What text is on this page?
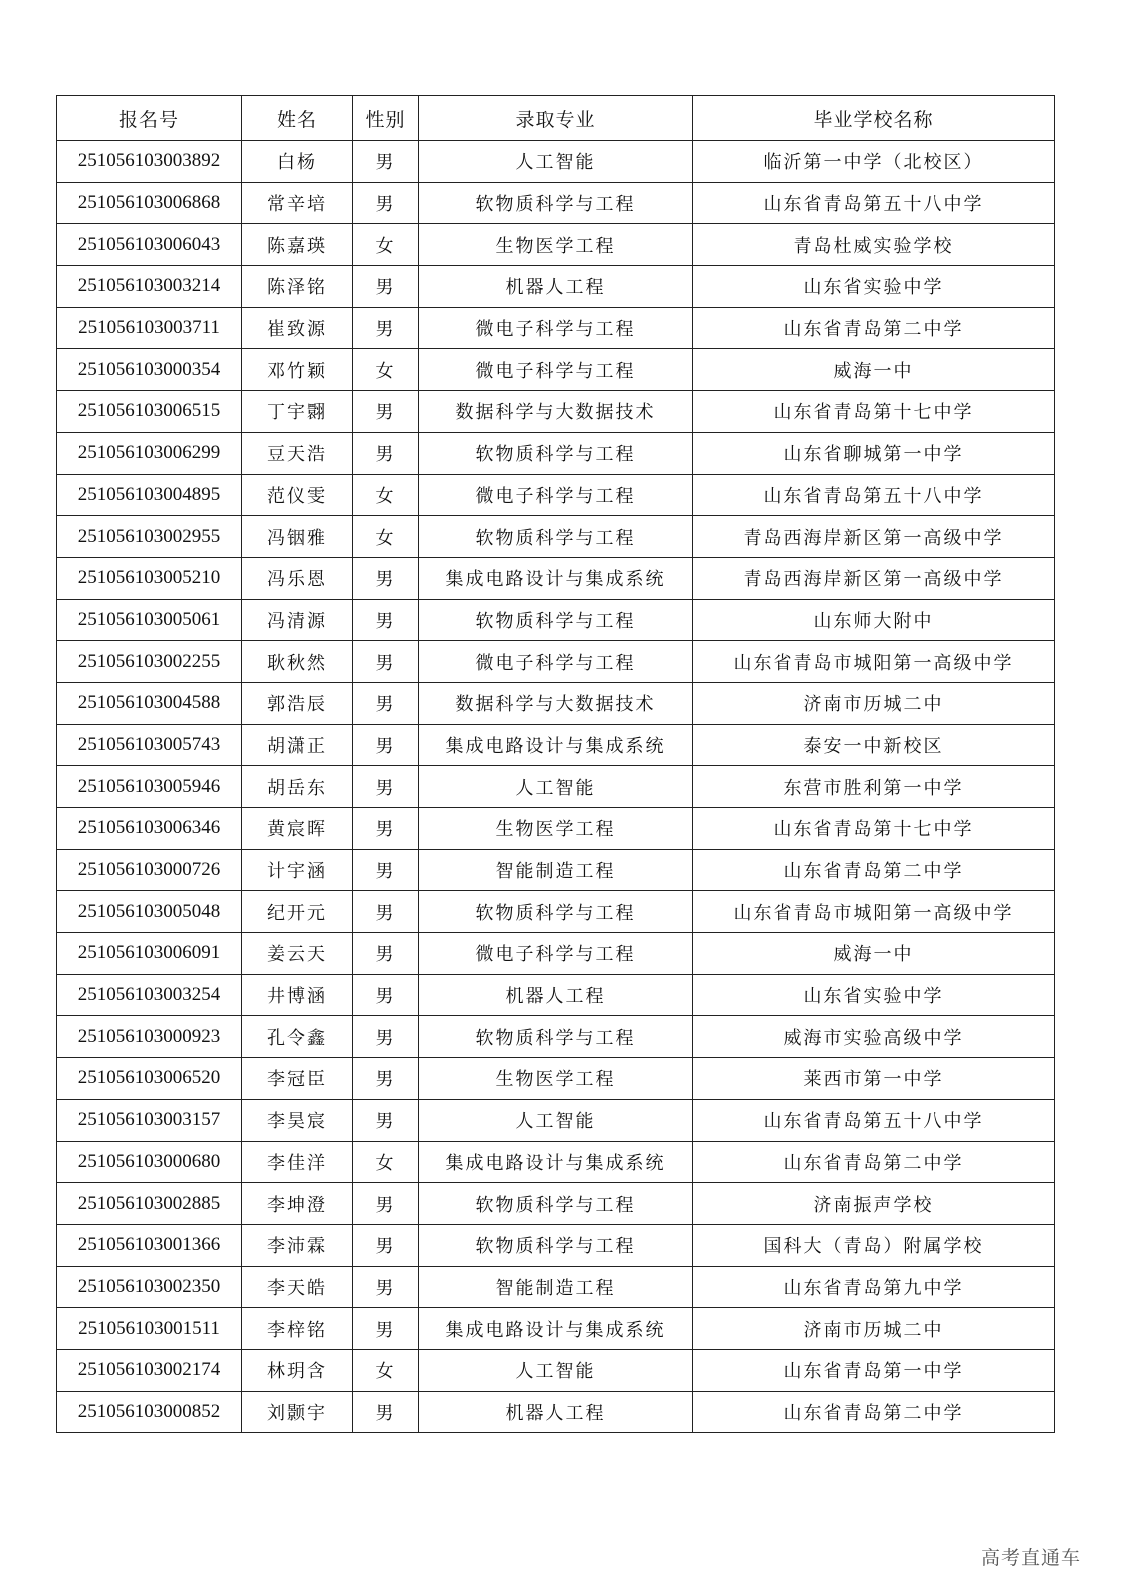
报名号	姓名	性别	录取专业	毕业学校名称
251056103003892	白杨	男	人工智能	临沂第一中学（北校区）
251056103006868	常辛培	男	软物质科学与工程	山东省青岛第五十八中学
251056103006043	陈嘉瑛	女	生物医学工程	青岛杜威实验学校
251056103003214	陈泽铭	男	机器人工程	山东省实验中学
251056103003711	崔致源	男	微电子科学与工程	山东省青岛第二中学
251056103000354	邓竹颖	女	微电子科学与工程	威海一中
251056103006515	丁宇翾	男	数据科学与大数据技术	山东省青岛第十七中学
251056103006299	豆天浩	男	软物质科学与工程	山东省聊城第一中学
251056103004895	范仪雯	女	微电子科学与工程	山东省青岛第五十八中学
251056103002955	冯铟雅	女	软物质科学与工程	青岛西海岸新区第一高级中学
251056103005210	冯乐恩	男	集成电路设计与集成系统	青岛西海岸新区第一高级中学
251056103005061	冯清源	男	软物质科学与工程	山东师大附中
251056103002255	耿秋然	男	微电子科学与工程	山东省青岛市城阳第一高级中学
251056103004588	郭浩辰	男	数据科学与大数据技术	济南市历城二中
251056103005743	胡潇正	男	集成电路设计与集成系统	泰安一中新校区
251056103005946	胡岳东	男	人工智能	东营市胜利第一中学
251056103006346	黄宸晖	男	生物医学工程	山东省青岛第十七中学
251056103000726	计宇涵	男	智能制造工程	山东省青岛第二中学
251056103005048	纪开元	男	软物质科学与工程	山东省青岛市城阳第一高级中学
251056103006091	姜云天	男	微电子科学与工程	威海一中
251056103003254	井博涵	男	机器人工程	山东省实验中学
251056103000923	孔令鑫	男	软物质科学与工程	威海市实验高级中学
251056103006520	李冠臣	男	生物医学工程	莱西市第一中学
251056103003157	李昊宸	男	人工智能	山东省青岛第五十八中学
251056103000680	李佳洋	女	集成电路设计与集成系统	山东省青岛第二中学
251056103002885	李坤澄	男	软物质科学与工程	济南振声学校
251056103001366	李沛霖	男	软物质科学与工程	国科大（青岛）附属学校
251056103002350	李天皓	男	智能制造工程	山东省青岛第九中学
251056103001511	李梓铭	男	集成电路设计与集成系统	济南市历城二中
251056103002174	林玥含	女	人工智能	山东省青岛第一中学
251056103000852	刘颢宇	男	机器人工程	山东省青岛第二中学
高考直通车
